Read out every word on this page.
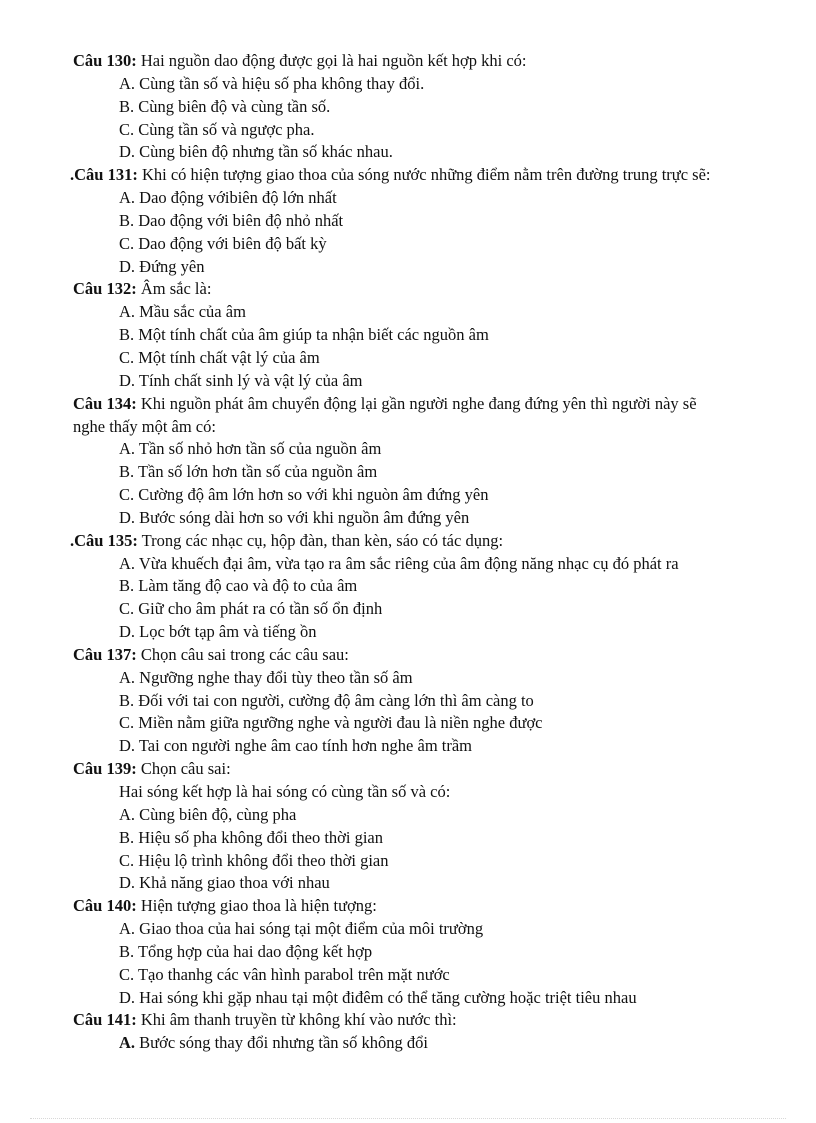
Câu 130: Hai nguồn dao động được gọi là hai nguồn kết hợp khi có:
A. Cùng tần số và hiệu số pha không thay đổi.
B. Cùng biên độ và cùng tần số.
C. Cùng tần số và ngược pha.
D. Cùng biên độ nhưng tần số khác nhau.
.Câu 131: Khi có hiện tượng giao thoa của sóng nước những điểm nằm trên đường trung trực sẽ:
A. Dao động vớibiên độ lớn nhất
B. Dao động với biên độ nhỏ nhất
C. Dao động với biên độ bất kỳ
D. Đứng yên
Câu 132: Âm sắc là:
A. Mầu sắc của âm
B. Một tính chất của âm giúp ta nhận biết các nguồn âm
C. Một tính chất vật lý của âm
D. Tính chất sinh lý và vật lý của âm
Câu 134: Khi nguồn phát âm chuyển động lại gần người nghe đang đứng yên thì người này sẽ
nghe thấy một âm có:
A. Tần số nhỏ hơn tần số của nguồn âm
B. Tần số lớn hơn tần số của nguồn âm
C. Cường độ âm lớn hơn so với khi nguòn âm đứng yên
D. Bước sóng dài hơn so với khi nguồn âm đứng yên
.Câu 135: Trong các nhạc cụ, hộp đàn, than kèn, sáo có tác dụng:
A. Vừa khuếch đại âm, vừa tạo ra âm sắc riêng của âm động năng nhạc cụ đó phát ra
B. Làm tăng độ cao và độ to của âm
C. Giữ cho âm phát ra có tần số ổn định
D. Lọc bớt tạp âm và tiếng ồn
Câu 137: Chọn câu sai trong các câu sau:
A. Ngưỡng nghe thay đổi tùy theo tần số âm
B. Đối với tai con người, cường độ âm càng lớn thì âm càng to
C. Miền nằm giữa ngưỡng nghe và người đau là niền nghe được
D. Tai con người nghe âm cao tính hơn nghe âm trầm
Câu 139: Chọn câu sai:
Hai sóng kết hợp là hai sóng có cùng tần số và có:
A. Cùng biên độ, cùng pha
B. Hiệu số pha không đổi theo thời gian
C. Hiệu lộ trình không đổi theo thời gian
D. Khả năng giao thoa với nhau
Câu 140: Hiện tượng giao thoa là hiện tượng:
A. Giao thoa của hai sóng tại một điểm của môi trường
B. Tổng hợp của hai dao động kết hợp
C. Tạo thanhg các vân hình parabol trên mặt nước
D. Hai sóng khi gặp nhau tại một điđêm có thể tăng cường hoặc triệt tiêu nhau
Câu 141: Khi âm thanh truyền từ không khí vào nước thì:
A. Bước sóng thay đổi nhưng tần số không đổi
